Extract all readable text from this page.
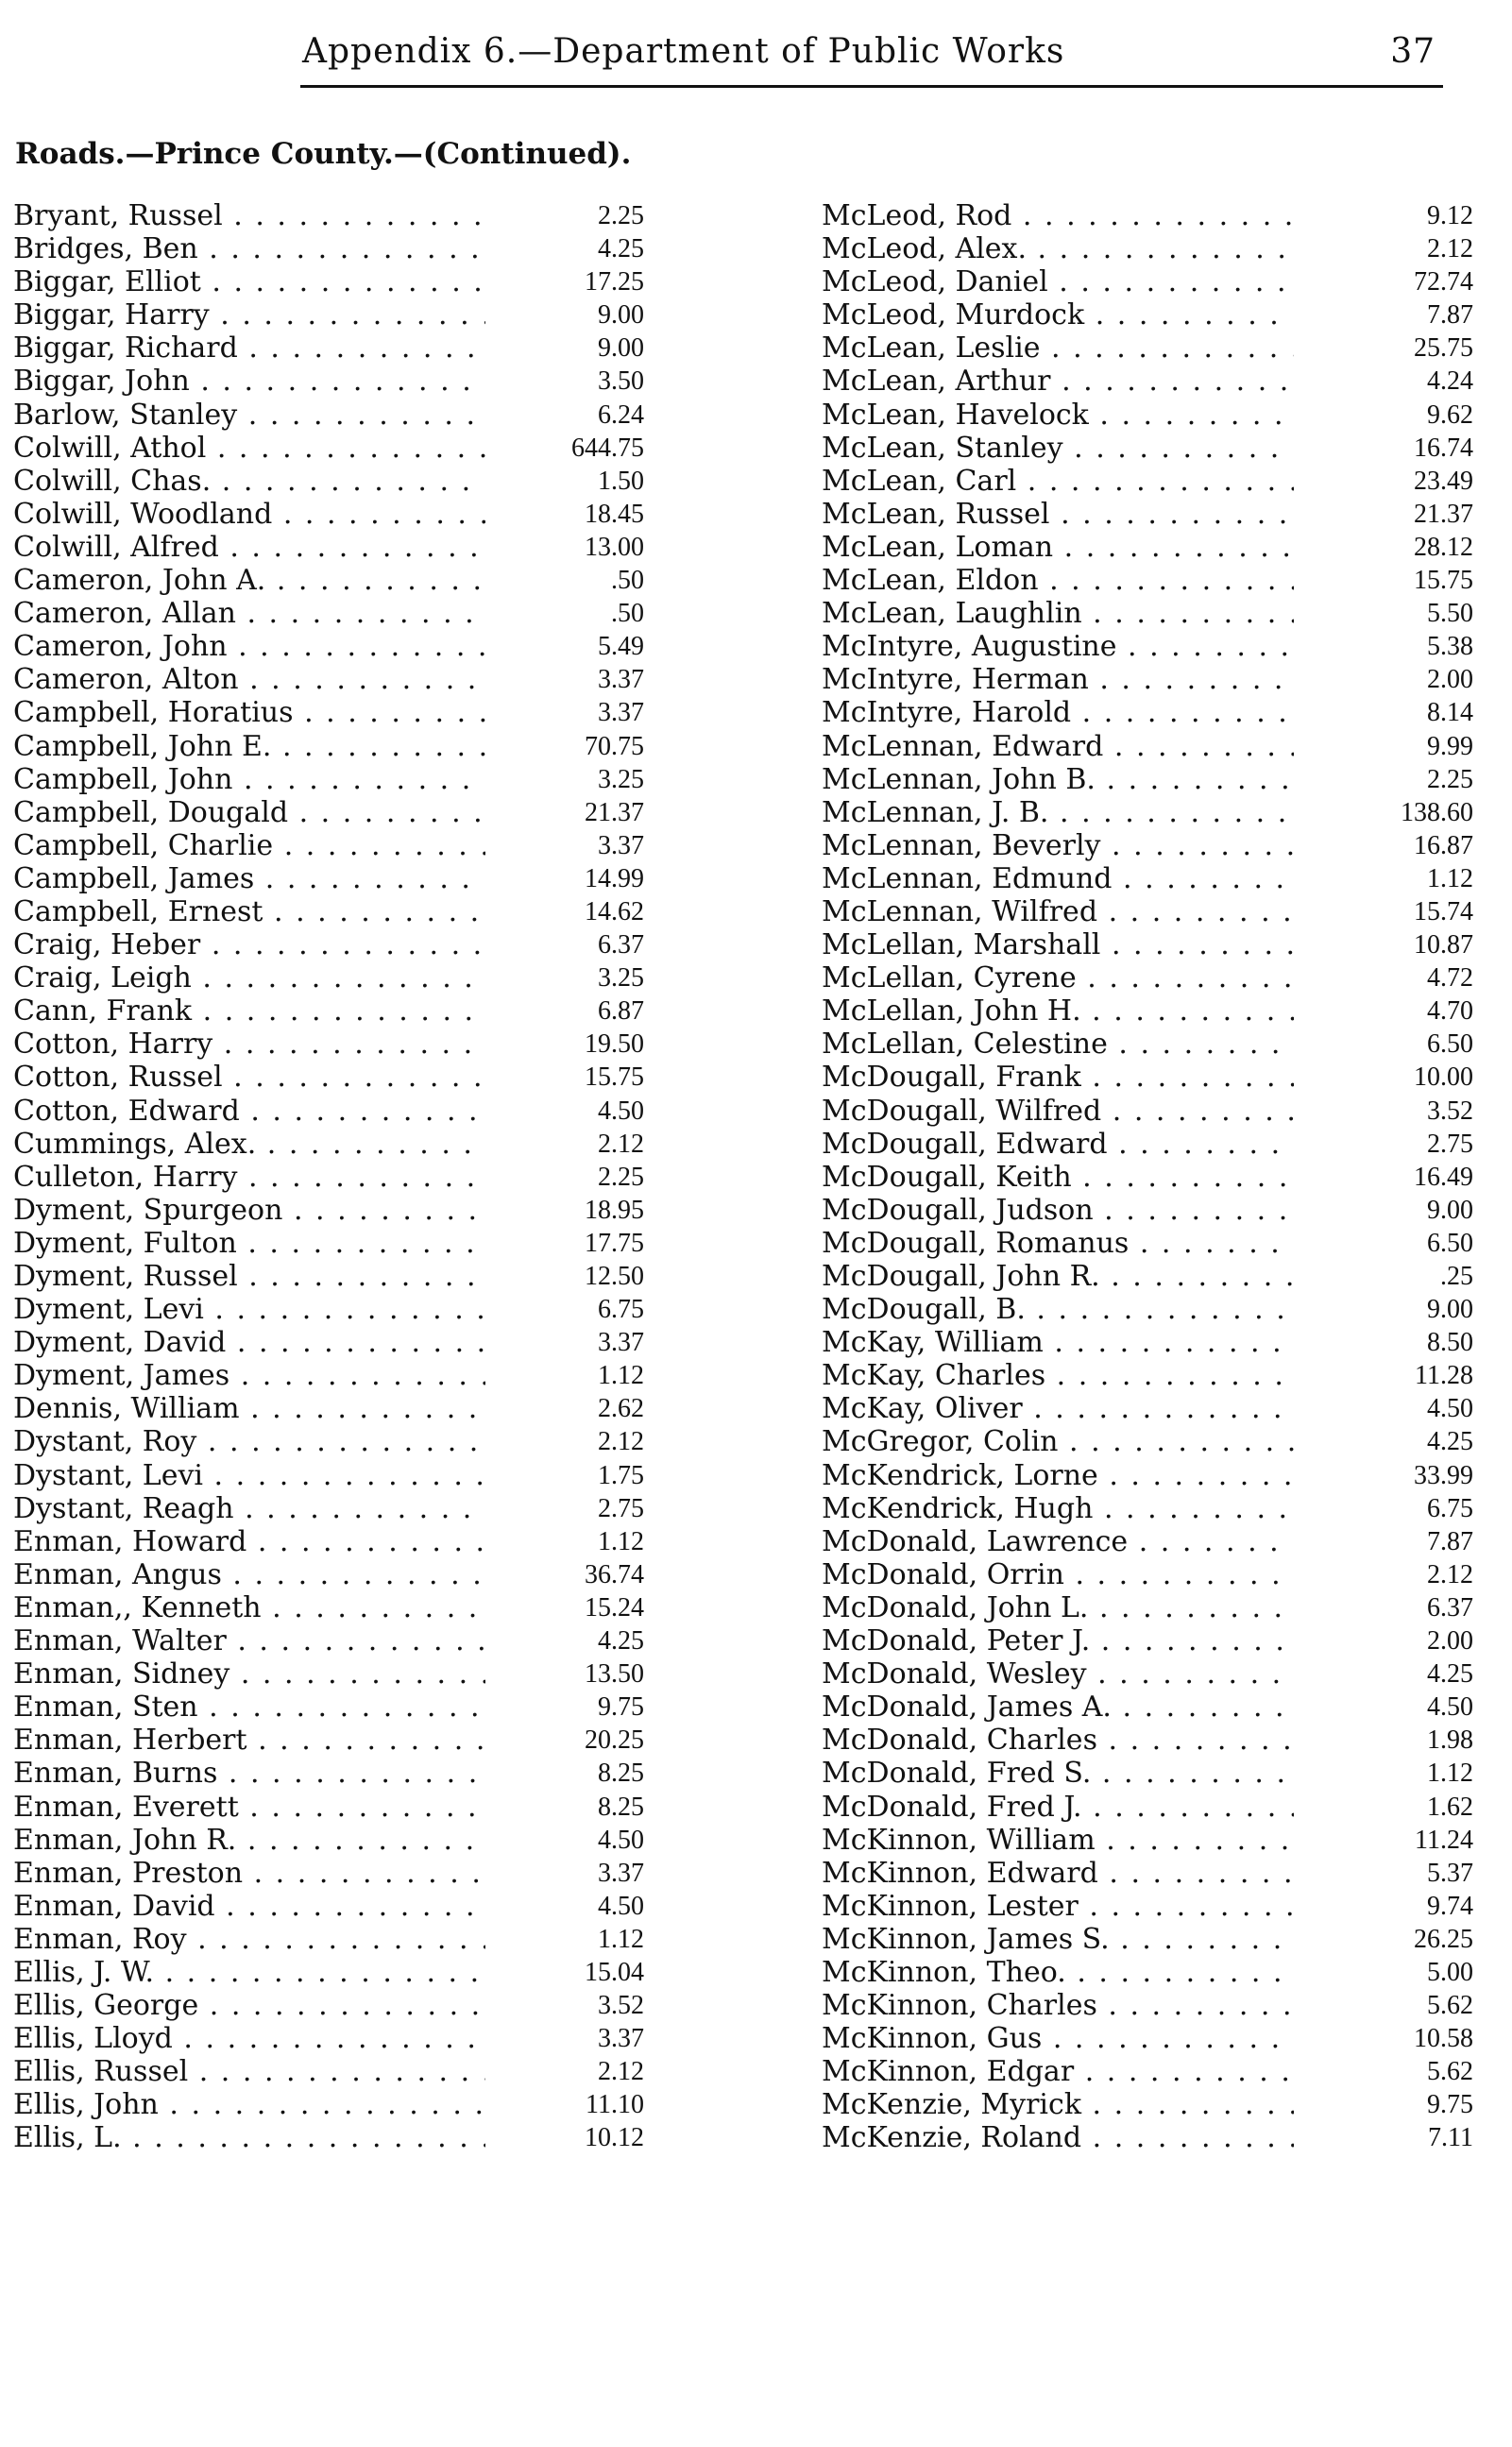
Appendix 6.—Department of Public Works	37
Roads.—Prince County.—(Continued).
Bryant, Russel . . .	2.25
Bridges, Ben . . .	4.25
Biggar, Elliot . . .	17.25
Biggar, Harry . . .	9.00
Biggar, Richard . . .	9.00
Biggar, John . . .	3.50
Barlow, Stanley . . .	6.24
Colwill, Athol . . .	644.75
Colwill, Chas. . . .	1.50
Colwill, Woodland . . .	18.45
Colwill, Alfred . . .	13.00
Cameron, John A. . . .	.50
Cameron, Allan . . .	.50
Cameron, John . . .	5.49
Cameron, Alton . . .	3.37
Campbell, Horatius . . .	3.37
Campbell, John E. . . .	70.75
Campbell, John . . .	3.25
Campbell, Dougald . . .	21.37
Campbell, Charlie . . .	3.37
Campbell, James . . .	14.99
Campbell, Ernest . . .	14.62
Craig, Heber . . .	6.37
Craig, Leigh . . .	3.25
Cann, Frank . . .	6.87
Cotton, Harry . . .	19.50
Cotton, Russel . . .	15.75
Cotton, Edward . . .	4.50
Cummings, Alex. . . .	2.12
Culleton, Harry . . .	2.25
Dyment, Spurgeon . . .	18.95
Dyment, Fulton . . .	17.75
Dyment, Russel . . .	12.50
Dyment, Levi . . .	6.75
Dyment, David . . .	3.37
Dyment, James . . .	1.12
Dennis, William . . .	2.62
Dystant, Roy . . .	2.12
Dystant, Levi . . .	1.75
Dystant, Reagh . . .	2.75
Enman, Howard . . .	1.12
Enman, Angus . . .	36.74
Enman,, Kenneth . . .	15.24
Enman, Walter . . .	4.25
Enman, Sidney . . .	13.50
Enman, Sten . . .	9.75
Enman, Herbert . . .	20.25
Enman, Burns . . .	8.25
Enman, Everett . . .	8.25
Enman, John R. . . .	4.50
Enman, Preston . . .	3.37
Enman, David . . .	4.50
Enman, Roy . . .	1.12
Ellis, J. W. . . .	15.04
Ellis, George . . .	3.52
Ellis, Lloyd . . .	3.37
Ellis, Russel . . .	2.12
Ellis, John . . .	11.10
Ellis, L. . . .	10.12
McLeod, Rod . . .	9.12
McLeod, Alex. . . .	2.12
McLeod, Daniel . . .	72.74
McLeod, Murdock . . .	7.87
McLean, Leslie . . .	25.75
McLean, Arthur . . .	4.24
McLean, Havelock . . .	9.62
McLean, Stanley . . .	16.74
McLean, Carl . . .	23.49
McLean, Russel . . .	21.37
McLean, Loman . . .	28.12
McLean, Eldon . . .	15.75
McLean, Laughlin . . .	5.50
McIntyre, Augustine . . .	5.38
McIntyre, Herman . . .	2.00
McIntyre, Harold . . .	8.14
McLennan, Edward . . .	9.99
McLennan, John B. . . .	2.25
McLennan, J. B. . . .	138.60
McLennan, Beverly . . .	16.87
McLennan, Edmund . . .	1.12
McLennan, Wilfred . . .	15.74
McLellan, Marshall . . .	10.87
McLellan, Cyrene . . .	4.72
McLellan, John H. . . .	4.70
McLellan, Celestine . . .	6.50
McDougall, Frank . . .	10.00
McDougall, Wilfred . . .	3.52
McDougall, Edward . . .	2.75
McDougall, Keith . . .	16.49
McDougall, Judson . . .	9.00
McDougall, Romanus . . .	6.50
McDougall, John R. . . .	.25
McDougall, B. . . .	9.00
McKay, William . . .	8.50
McKay, Charles . . .	11.28
McKay, Oliver . . .	4.50
McGregor, Colin . . .	4.25
McKendrick, Lorne . . .	33.99
McKendrick, Hugh . . .	6.75
McDonald, Lawrence . . .	7.87
McDonald, Orrin . . .	2.12
McDonald, John L. . . .	6.37
McDonald, Peter J. . . .	2.00
McDonald, Wesley . . .	4.25
McDonald, James A. . . .	4.50
McDonald, Charles . . .	1.98
McDonald, Fred S. . . .	1.12
McDonald, Fred J. . . .	1.62
McKinnon, William . . .	11.24
McKinnon, Edward . . .	5.37
McKinnon, Lester . . .	9.74
McKinnon, James S. . . .	26.25
McKinnon, Theo. . . .	5.00
McKinnon, Charles . . .	5.62
McKinnon, Gus . . .	10.58
McKinnon, Edgar . . .	5.62
McKenzie, Myrick . . .	9.75
McKenzie, Roland . . .	7.11
